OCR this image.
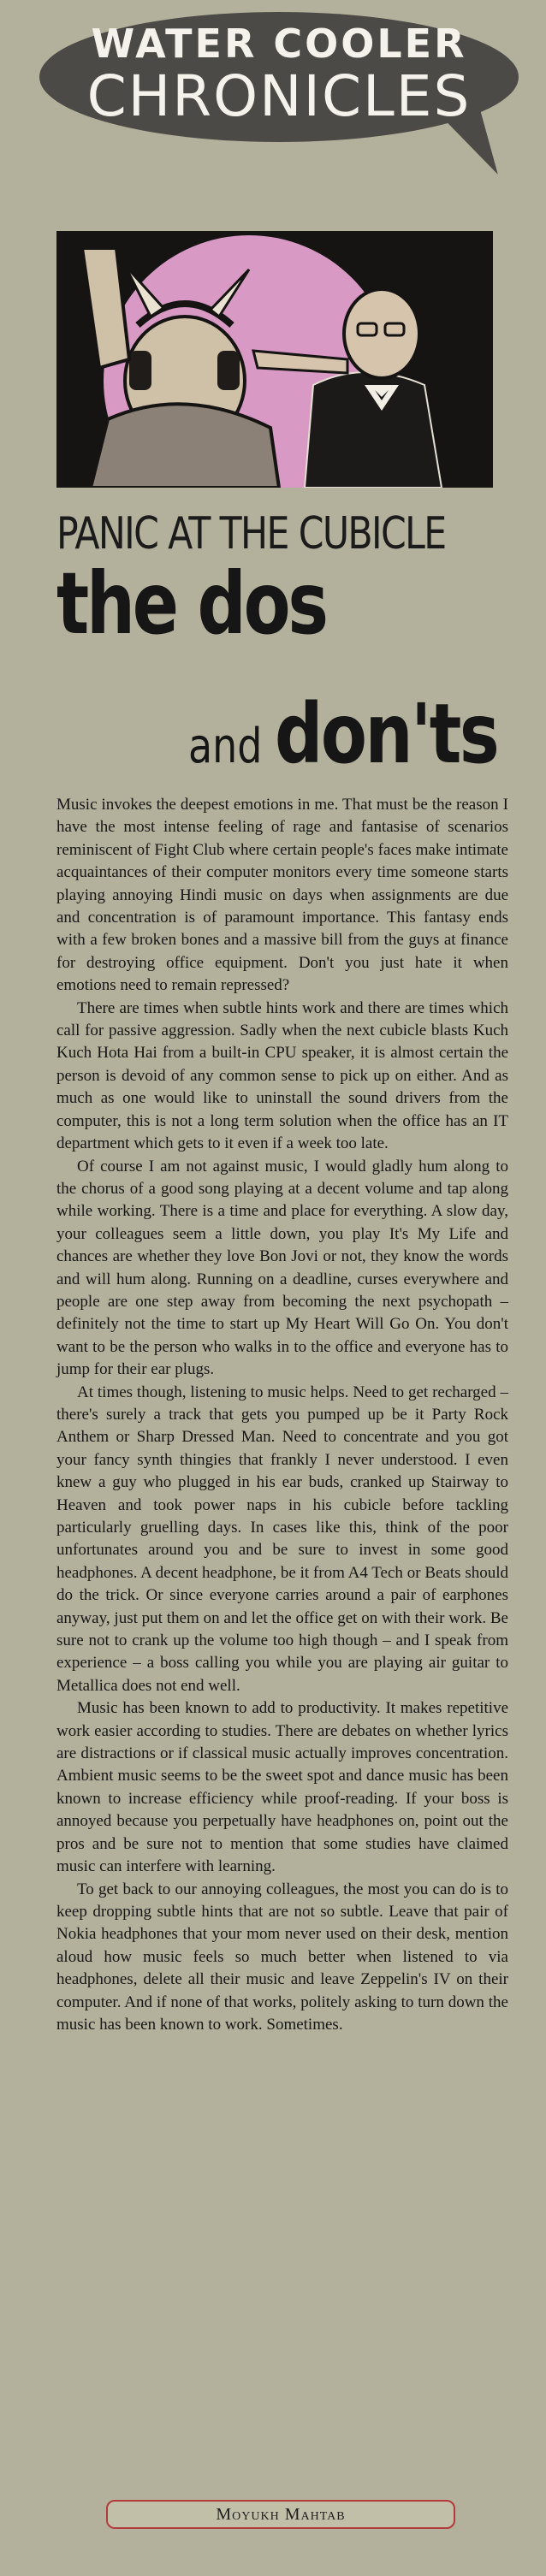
WATER COOLER
CHRONICLES
PANIC AT THE CUBICLE
the dos
and don'ts

Music invokes the deepest emotions in me. That must be the reason I have the most intense feeling of rage and fantasise of scenarios reminiscent of Fight Club where certain people's faces make intimate acquaintances of their computer monitors every time someone starts playing annoying Hindi music on days when assignments are due and concentration is of paramount importance. This fantasy ends with a few broken bones and a massive bill from the guys at finance for destroying office equipment. Don't you just hate it when emotions need to remain repressed?

There are times when subtle hints work and there are times which call for passive aggression. Sadly when the next cubicle blasts Kuch Kuch Hota Hai from a built-in CPU speaker, it is almost certain the person is devoid of any common sense to pick up on either. And as much as one would like to uninstall the sound drivers from the computer, this is not a long term solution when the office has an IT department which gets to it even if a week too late.

Of course I am not against music, I would gladly hum along to the chorus of a good song playing at a decent volume and tap along while working. There is a time and place for everything. A slow day, your colleagues seem a little down, you play It's My Life and chances are whether they love Bon Jovi or not, they know the words and will hum along. Running on a deadline, curses everywhere and people are one step away from becoming the next psychopath – definitely not the time to start up My Heart Will Go On. You don't want to be the person who walks in to the office and everyone has to jump for their ear plugs.

At times though, listening to music helps. Need to get recharged – there's surely a track that gets you pumped up be it Party Rock Anthem or Sharp Dressed Man. Need to concentrate and you got your fancy synth thingies that frankly I never understood. I even knew a guy who plugged in his ear buds, cranked up Stairway to Heaven and took power naps in his cubicle before tackling particularly gruelling days. In cases like this, think of the poor unfortunates around you and be sure to invest in some good headphones. A decent headphone, be it from A4 Tech or Beats should do the trick. Or since everyone carries around a pair of earphones anyway, just put them on and let the office get on with their work. Be sure not to crank up the volume too high though – and I speak from experience – a boss calling you while you are playing air guitar to Metallica does not end well.

Music has been known to add to productivity. It makes repetitive work easier according to studies. There are debates on whether lyrics are distractions or if classical music actually improves concentration. Ambient music seems to be the sweet spot and dance music has been known to increase efficiency while proof-reading. If your boss is annoyed because you perpetually have headphones on, point out the pros and be sure not to mention that some studies have claimed music can interfere with learning.

To get back to our annoying colleagues, the most you can do is to keep dropping subtle hints that are not so subtle. Leave that pair of Nokia headphones that your mom never used on their desk, mention aloud how music feels so much better when listened to via headphones, delete all their music and leave Zeppelin's IV on their computer. And if none of that works, politely asking to turn down the music has been known to work. Sometimes.

Moyukh Mahtab
